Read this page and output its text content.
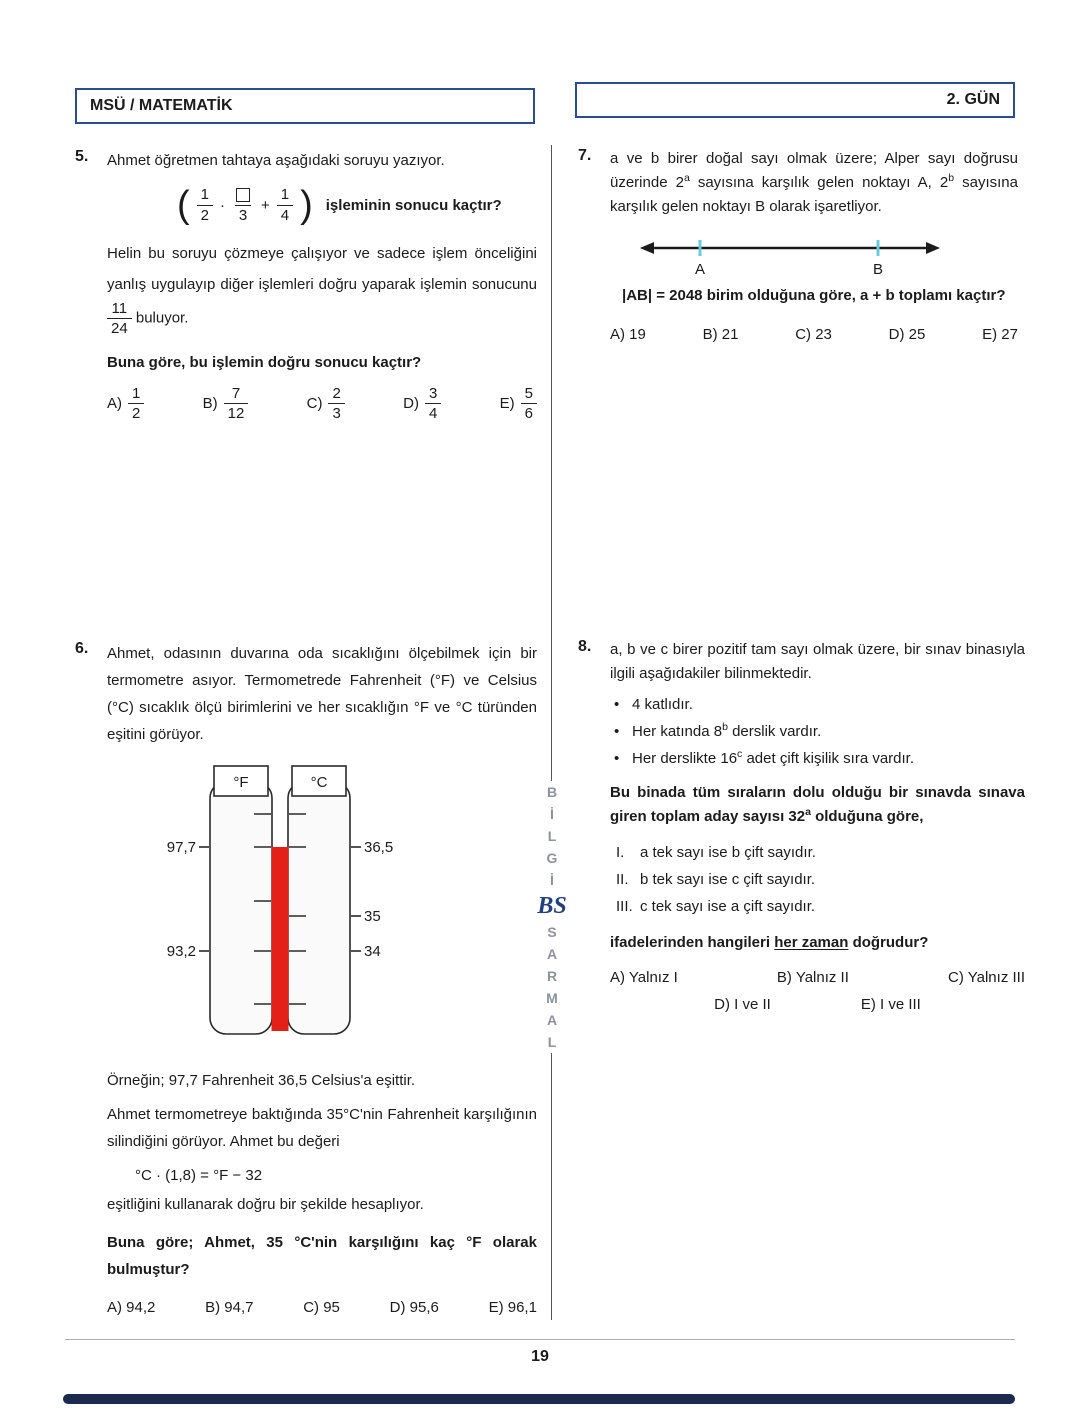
MSÜ / MATEMATİK	2. GÜN
5.	Ahmet öğretmen tahtaya aşağıdaki soruyu yazıyor.

( $\frac{1}{2}$ ·
3
+ $\frac{1}{4}$ ) işleminin sonucu kaçtır?

Helin bu soruyu çözmeye çalışıyor ve sadece işlem önceliğini yanlış uygulayıp diğer işlemleri doğru yaparak işlemin sonucunu
$\frac{11}{24}$ buluyor.

Buna göre, bu işlemin doğru sonucu kaçtır?

$A) \frac{1}{2}$	$B) \frac{7}{12}$	$C) \frac{2}{3}$	$D) \frac{3}{4}$	$E) \frac{5}{6}$
6.	Ahmet, odasının duvarına oda sıcaklığını ölçebilmek için bir termometre asıyor. Termometrede Fahrenheit (°F) ve Celsius (°C) sıcaklık ölçü birimlerini ve her sıcaklığın °F ve °C türünden eşitini görüyor.

°F	°C
97,7
93,2
36,5
35
34

Örneğin; 97,7 Fahrenheit 36,5 Celsius'a eşittir.

Ahmet termometreye baktığında 35°C'nin Fahrenheit karşılığının silindiğini görüyor. Ahmet bu değeri

°C · (1,8) = °F − 32

eşitliğini kullanarak doğru bir şekilde hesaplıyor.

Buna göre; Ahmet, 35 °C'nin karşılığını kaç °F olarak bulmuştur?

A) 94,2	B) 94,7	C) 95	D) 95,6	E) 96,1
7.	a ve b birer doğal sayı olmak üzere; Alper sayı doğrusu üzerinde 2$^a$ sayısına karşılık gelen noktayı A, 2$^b$ sayısına karşılık gelen noktayı B olarak işaretliyor.

A	B

|AB| = 2048 birim olduğuna göre, a + b toplamı kaçtır?

A) 19	B) 21	C) 23	D) 25	E) 27
8.	a, b ve c birer pozitif tam sayı olmak üzere, bir sınav binasıyla ilgili aşağıdakiler bilinmektedir.

• 4 katlıdır.
• Her katında 8$^b$ derslik vardır.
• Her derslikte 16$^c$ adet çift kişilik sıra vardır.

Bu binada tüm sıraların dolu olduğu bir sınavda sınava giren toplam aday sayısı 32$^a$ olduğuna göre,

I.	a tek sayı ise b çift sayıdır.
II. b tek sayı ise c çift sayıdır.
III. c tek sayı ise a çift sayıdır.

ifadelerinden hangileri her zaman doğrudur?

A) Yalnız I	B) Yalnız II	C) Yalnız III
D) I ve II	E) I ve III
B
İ
L
G
İ
BS
S
A
R
M
A
L
19
